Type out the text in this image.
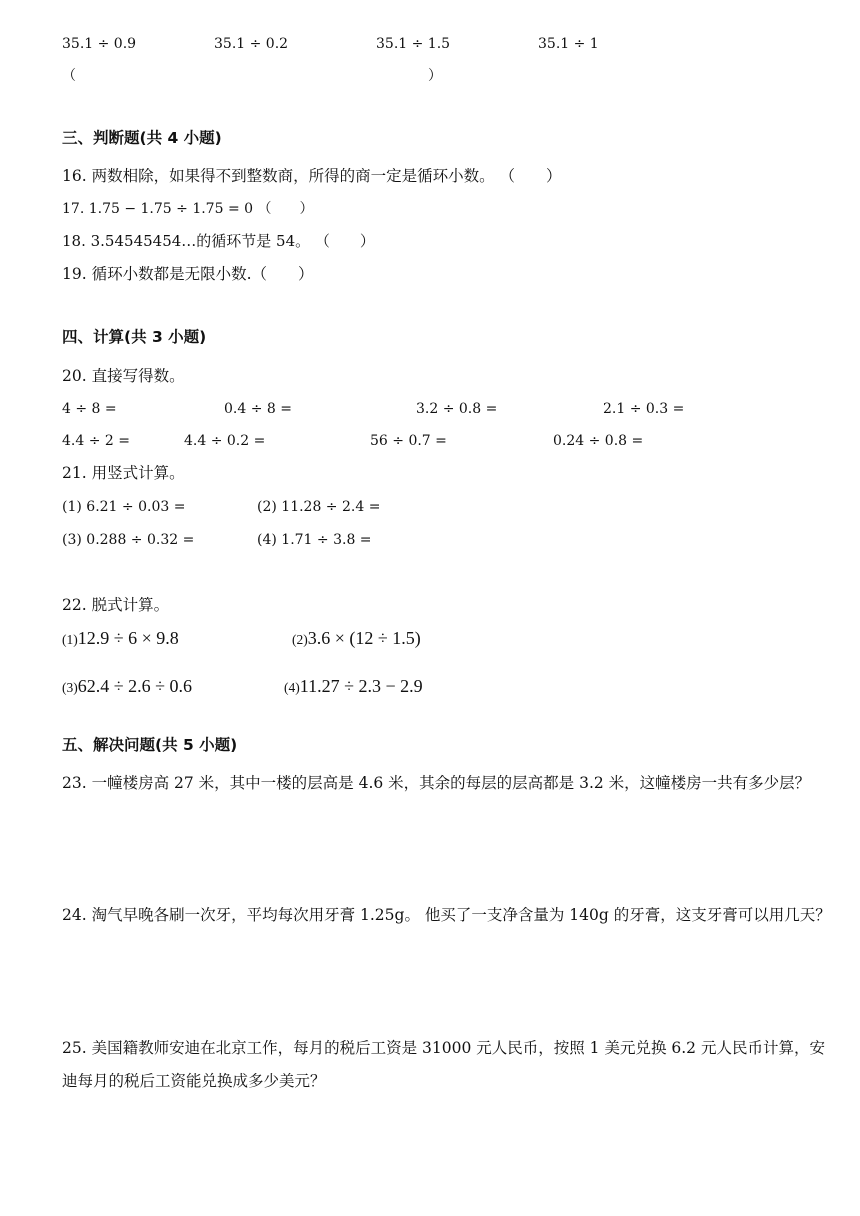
35.1 ÷ 0.9	35.1 ÷ 0.2	35.1 ÷ 1.5	35.1 ÷ 1
（	）
三、判断题(共 4 小题)
16. 两数相除，如果得不到整数商，所得的商一定是循环小数。 （　　）
17. 1.75 − 1.75 ÷ 1.75 = 0 （　　）
18. 3.54545454…的循环节是 54。 （　　）
19. 循环小数都是无限小数.（　　）
四、计算(共 3 小题)
20. 直接写得数。
4 ÷ 8 =	0.4 ÷ 8 =	3.2 ÷ 0.8 =	2.1 ÷ 0.3 =
4.4 ÷ 2 =	4.4 ÷ 0.2 =	56 ÷ 0.7 =	0.24 ÷ 0.8 =
21. 用竖式计算。
(1) 6.21 ÷ 0.03 =	(2) 11.28 ÷ 2.4 =
(3) 0.288 ÷ 0.32 =	(4) 1.71 ÷ 3.8 =
22. 脱式计算。
(1)12.9 ÷ 6 × 9.8	(2)3.6 × (12 ÷ 1.5)
(3)62.4 ÷ 2.6 ÷ 0.6	(4)11.27 ÷ 2.3 − 2.9
五、解决问题(共 5 小题)
23. 一幢楼房高 27 米，其中一楼的层高是 4.6 米，其余的每层的层高都是 3.2 米，这幢楼房一共有多少层？
24. 淘气早晚各刷一次牙，平均每次用牙膏 1.25g。 他买了一支净含量为 140g 的牙膏，这支牙膏可以用几天？
25. 美国籍教师安迪在北京工作，每月的税后工资是 31000 元人民币，按照 1 美元兑换 6.2 元人民币计算，安迪每月的税后工资能兑换成多少美元？
